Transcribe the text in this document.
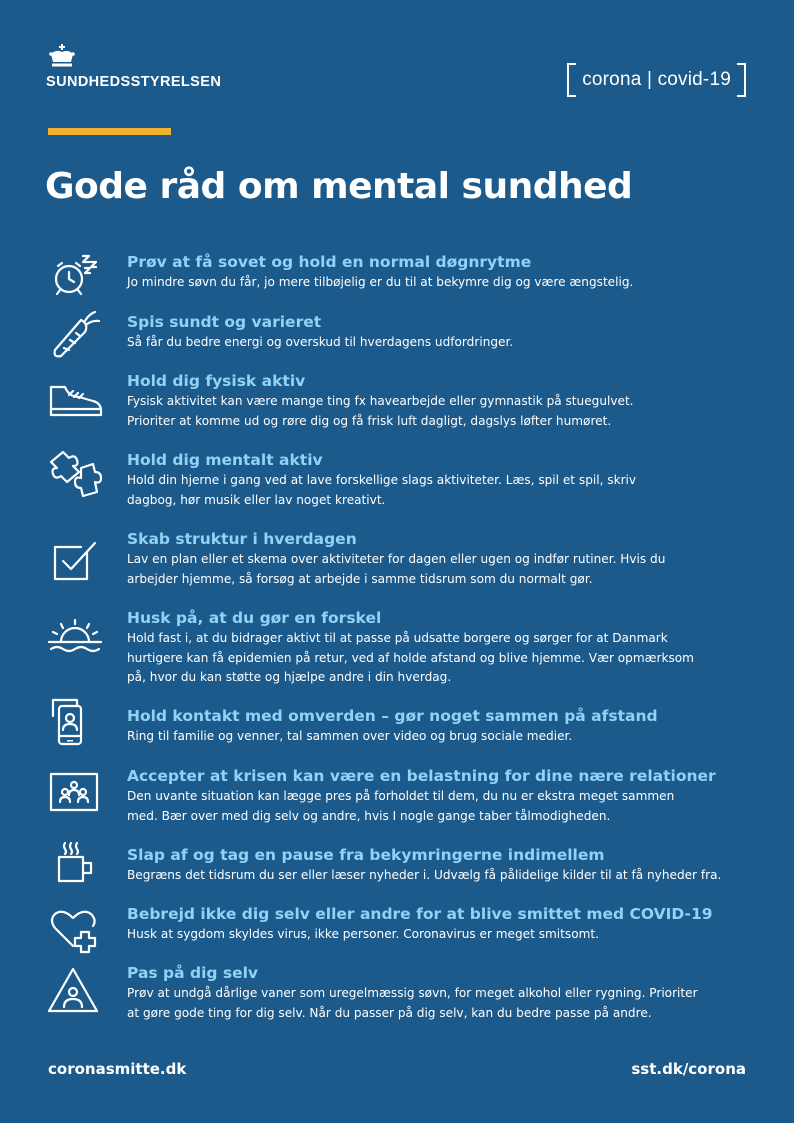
SUNDHEDSSTYRELSEN	corona | covid-19
Gode råd om mental sundhed
Prøv at få sovet og hold en normal døgnrytme
Jo mindre søvn du får, jo mere tilbøjelig er du til at bekymre dig og være ængstelig.
Spis sundt og varieret
Så får du bedre energi og overskud til hverdagens udfordringer.
Hold dig fysisk aktiv
Fysisk aktivitet kan være mange ting fx havearbejde eller gymnastik på stuegulvet.
Prioriter at komme ud og røre dig og få frisk luft dagligt, dagslys løfter humøret.
Hold dig mentalt aktiv
Hold din hjerne i gang ved at lave forskellige slags aktiviteter. Læs, spil et spil, skriv
dagbog, hør musik eller lav noget kreativt.
Skab struktur i hverdagen
Lav en plan eller et skema over aktiviteter for dagen eller ugen og indfør rutiner. Hvis du
arbejder hjemme, så forsøg at arbejde i samme tidsrum som du normalt gør.
Husk på, at du gør en forskel
Hold fast i, at du bidrager aktivt til at passe på udsatte borgere og sørger for at Danmark
hurtigere kan få epidemien på retur, ved af holde afstand og blive hjemme. Vær opmærksom
på, hvor du kan støtte og hjælpe andre i din hverdag.
Hold kontakt med omverden – gør noget sammen på afstand
Ring til familie og venner, tal sammen over video og brug sociale medier.
Accepter at krisen kan være en belastning for dine nære relationer
Den uvante situation kan lægge pres på forholdet til dem, du nu er ekstra meget sammen
med. Bær over med dig selv og andre, hvis I nogle gange taber tålmodigheden.
Slap af og tag en pause fra bekymringerne indimellem
Begræns det tidsrum du ser eller læser nyheder i. Udvælg få pålidelige kilder til at få nyheder fra.
Bebrejd ikke dig selv eller andre for at blive smittet med COVID-19
Husk at sygdom skyldes virus, ikke personer. Coronavirus er meget smitsomt.
Pas på dig selv
Prøv at undgå dårlige vaner som uregelmæssig søvn, for meget alkohol eller rygning. Prioriter
at gøre gode ting for dig selv. Når du passer på dig selv, kan du bedre passe på andre.
coronasmitte.dk	sst.dk/corona
